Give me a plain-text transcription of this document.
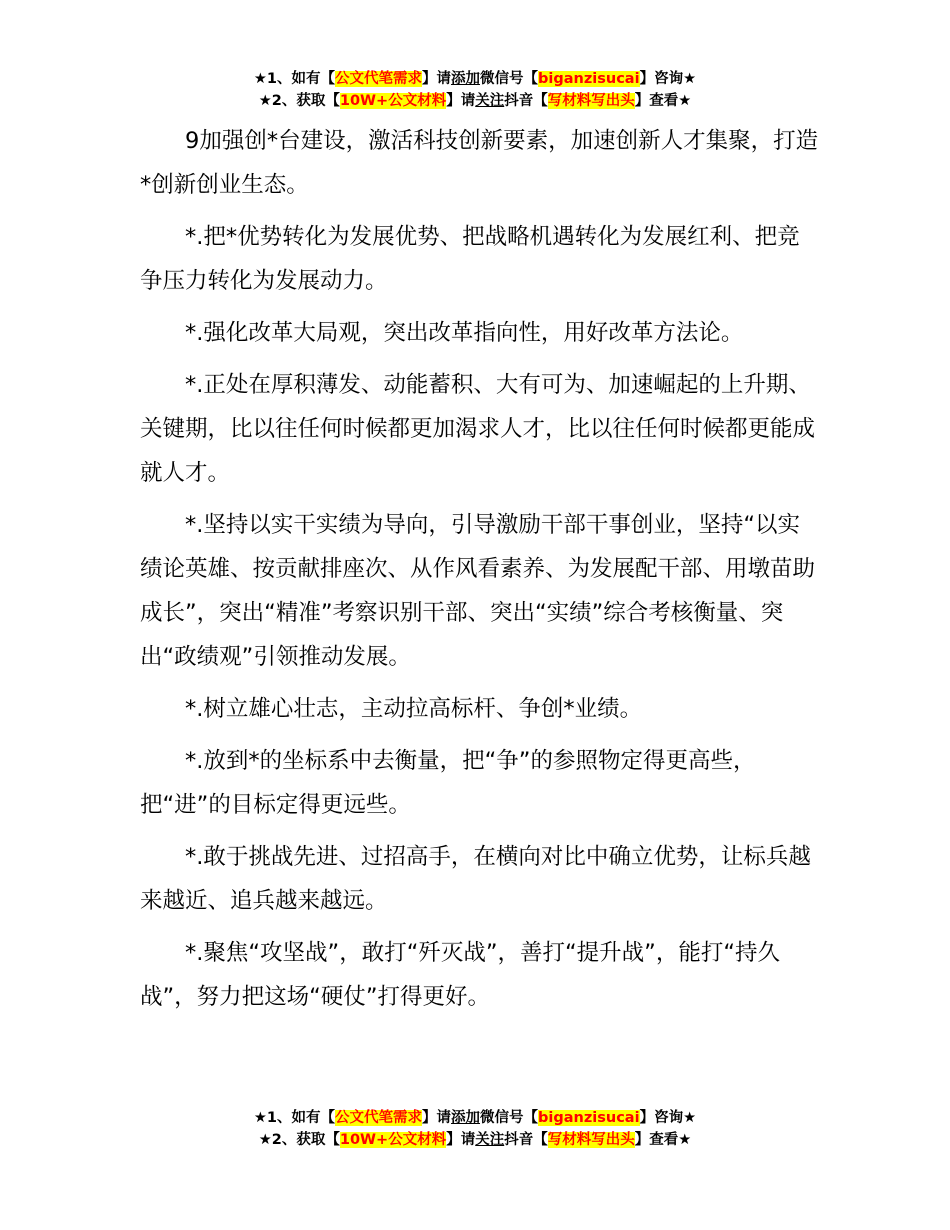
★1、如有【公文代笔需求】请添加微信号【biganzisucai】咨询★
★2、获取【10W+公文材料】请关注抖音【写材料写出头】查看★

9加强创*台建设，激活科技创新要素，加速创新人才集聚，打造*创新创业生态。

*.把*优势转化为发展优势、把战略机遇转化为发展红利、把竞争压力转化为发展动力。

*.强化改革大局观，突出改革指向性，用好改革方法论。

*.正处在厚积薄发、动能蓄积、大有可为、加速崛起的上升期、关键期，比以往任何时候都更加渴求人才，比以往任何时候都更能成就人才。

*.坚持以实干实绩为导向，引导激励干部干事创业，坚持“以实绩论英雄、按贡献排座次、从作风看素养、为发展配干部、用墩苗助成长”，突出“精准”考察识别干部、突出“实绩”综合考核衡量、突出“政绩观”引领推动发展。

*.树立雄心壮志，主动拉高标杆、争创*业绩。

*.放到*的坐标系中去衡量，把“争”的参照物定得更高些，把“进”的目标定得更远些。

*.敢于挑战先进、过招高手，在横向对比中确立优势，让标兵越来越近、追兵越来越远。

*.聚焦“攻坚战”，敢打“歼灭战”，善打“提升战”，能打“持久战”，努力把这场“硬仗”打得更好。

★1、如有【公文代笔需求】请添加微信号【biganzisucai】咨询★
★2、获取【10W+公文材料】请关注抖音【写材料写出头】查看★
